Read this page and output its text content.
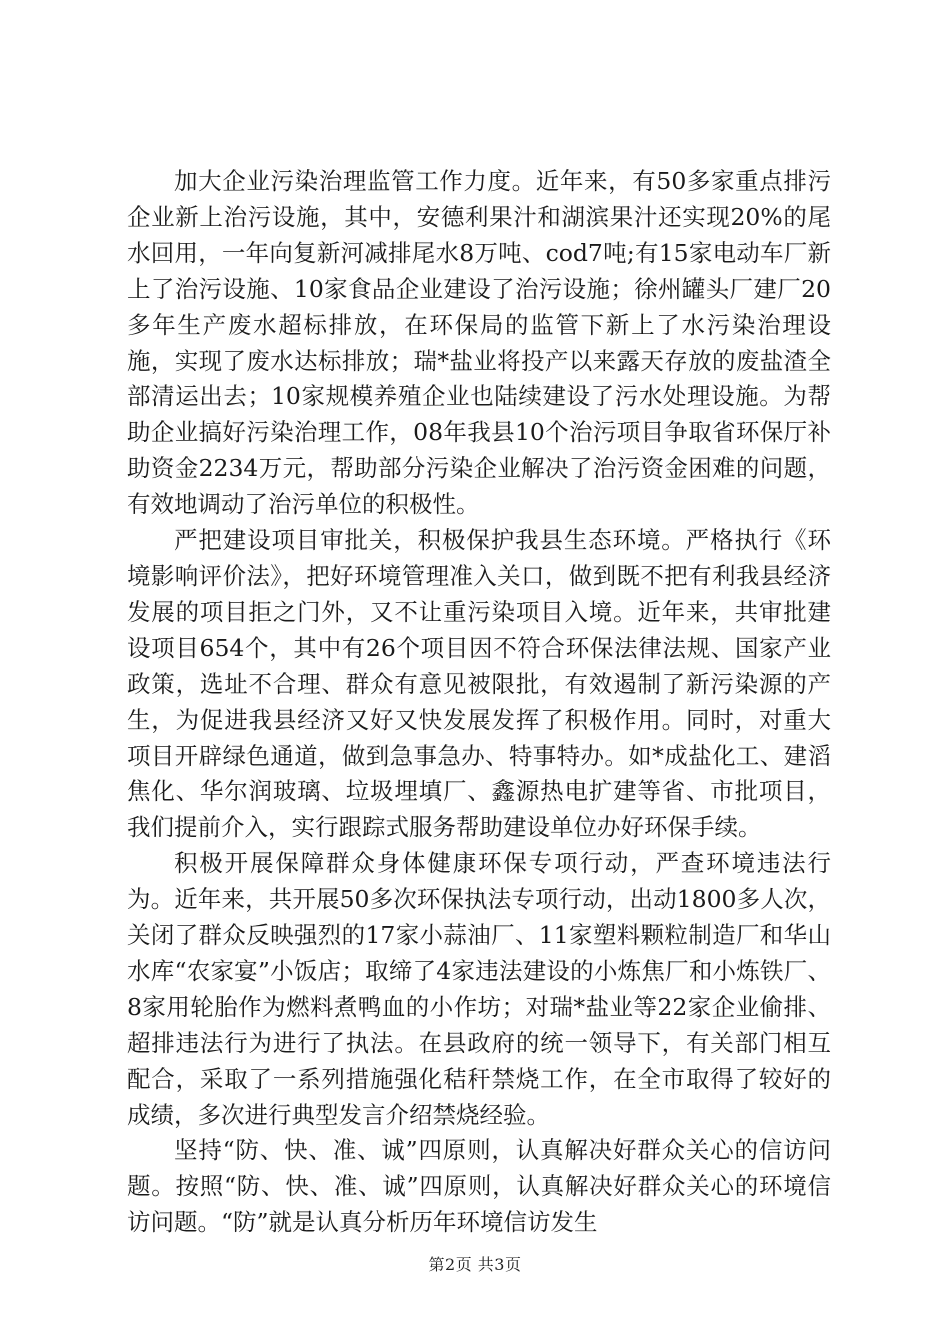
加大企业污染治理监管工作力度。近年来，有50多家重点排污企业新上治污设施，其中，安德利果汁和湖滨果汁还实现20%的尾水回用，一年向复新河减排尾水8万吨、cod7吨;有15家电动车厂新上了治污设施、10家食品企业建设了治污设施；徐州罐头厂建厂20多年生产废水超标排放，在环保局的监管下新上了水污染治理设施，实现了废水达标排放；瑞*盐业将投产以来露天存放的废盐渣全部清运出去；10家规模养殖企业也陆续建设了污水处理设施。为帮助企业搞好污染治理工作，08年我县10个治污项目争取省环保厅补助资金2234万元，帮助部分污染企业解决了治污资金困难的问题，有效地调动了治污单位的积极性。

严把建设项目审批关，积极保护我县生态环境。严格执行《环境影响评价法》，把好环境管理准入关口，做到既不把有利我县经济发展的项目拒之门外，又不让重污染项目入境。近年来，共审批建设项目654个，其中有26个项目因不符合环保法律法规、国家产业政策，选址不合理、群众有意见被限批，有效遏制了新污染源的产生，为促进我县经济又好又快发展发挥了积极作用。同时，对重大项目开辟绿色通道，做到急事急办、特事特办。如*成盐化工、建滔焦化、华尔润玻璃、垃圾埋填厂、鑫源热电扩建等省、市批项目，我们提前介入，实行跟踪式服务帮助建设单位办好环保手续。

积极开展保障群众身体健康环保专项行动，严查环境违法行为。近年来，共开展50多次环保执法专项行动，出动1800多人次，关闭了群众反映强烈的17家小蒜油厂、11家塑料颗粒制造厂和华山水库“农家宴”小饭店；取缔了4家违法建设的小炼焦厂和小炼铁厂、8家用轮胎作为燃料煮鸭血的小作坊；对瑞*盐业等22家企业偷排、超排违法行为进行了执法。在县政府的统一领导下，有关部门相互配合，采取了一系列措施强化秸秆禁烧工作，在全市取得了较好的成绩，多次进行典型发言介绍禁烧经验。

坚持“防、快、准、诚”四原则，认真解决好群众关心的信访问题。按照“防、快、准、诚”四原则，认真解决好群众关心的环境信访问题。“防”就是认真分析历年环境信访发生

第2页 共3页
